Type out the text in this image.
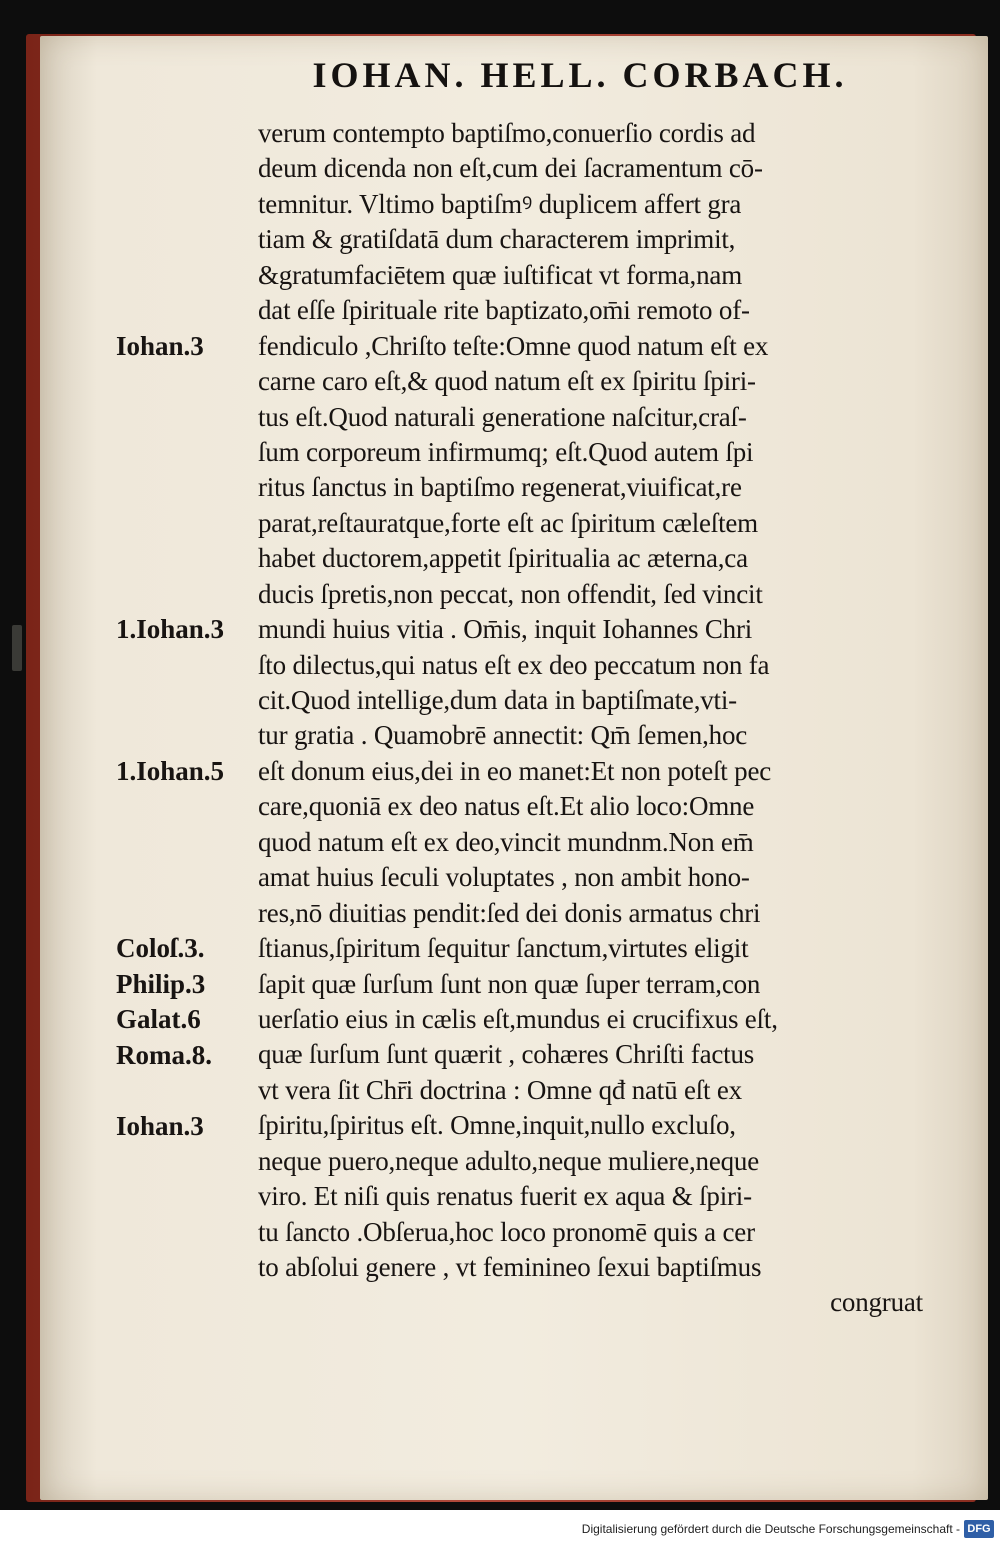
IOHAN. HELL. CORBACH.
verum contempto baptiſmo,conuerſio cordis ad
deum dicenda non eſt,cum dei ſacramentum cō-
temnitur. Vltimo baptiſmꝰ duplicem affert gra
tiam & gratiſdatā dum characterem imprimit,
&gratumfaciētem quæ iuſtificat vt forma,nam
dat eſſe ſpirituale rite baptizato,om̄i remoto of-
fendiculo ,Chriſto teſte:Omne quod natum eſt ex
carne caro eſt,& quod natum eſt ex ſpiritu ſpiri-
tus eſt.Quod naturali generatione naſcitur,craſ-
ſum corporeum infirmumq; eſt.Quod autem ſpi
ritus ſanctus in baptiſmo regenerat,viuificat,re
parat,reſtauratque,forte eſt ac ſpiritum cæleſtem
habet ductorem,appetit ſpiritualia ac æterna,ca
ducis ſpretis,non peccat, non offendit, ſed vincit
mundi huius vitia . Om̄is, inquit Iohannes Chri
ſto dilectus,qui natus eſt ex deo peccatum non fa
cit.Quod intellige,dum data in baptiſmate,vti-
tur gratia . Quamobrē annectit: Qm̄ ſemen,hoc
eſt donum eius,dei in eo manet:Et non poteſt pec
care,quoniā ex deo natus eſt.Et alio loco:Omne
quod natum eſt ex deo,vincit mundnm.Non em̄
amat huius ſeculi voluptates , non ambit hono-
res,nō diuitias pendit:ſed dei donis armatus chri
ſtianus,ſpiritum ſequitur ſanctum,virtutes eligit
ſapit quæ ſurſum ſunt non quæ ſuper terram,con
uerſatio eius in cælis eſt,mundus ei crucifixus eſt,
quæ ſurſum ſunt quærit , cohæres Chriſti factus
vt vera ſit Chr̄i doctrina : Omne qđ natū eſt ex
ſpiritu,ſpiritus eſt. Omne,inquit,nullo excluſo,
neque puero,neque adulto,neque muliere,neque
viro. Et niſi quis renatus fuerit ex aqua & ſpiri-
tu ſancto .Obſerua,hoc loco pronomē quis a cer
to abſolui genere , vt feminineo ſexui baptiſmus
congruat
Iohan.3
1.Iohan.3
1.Iohan.5
Coloſ.3.
Philip.3
Galat.6
Roma.8.
Iohan.3
Digitalisierung gefördert durch die Deutsche Forschungsgemeinschaft - DFG
